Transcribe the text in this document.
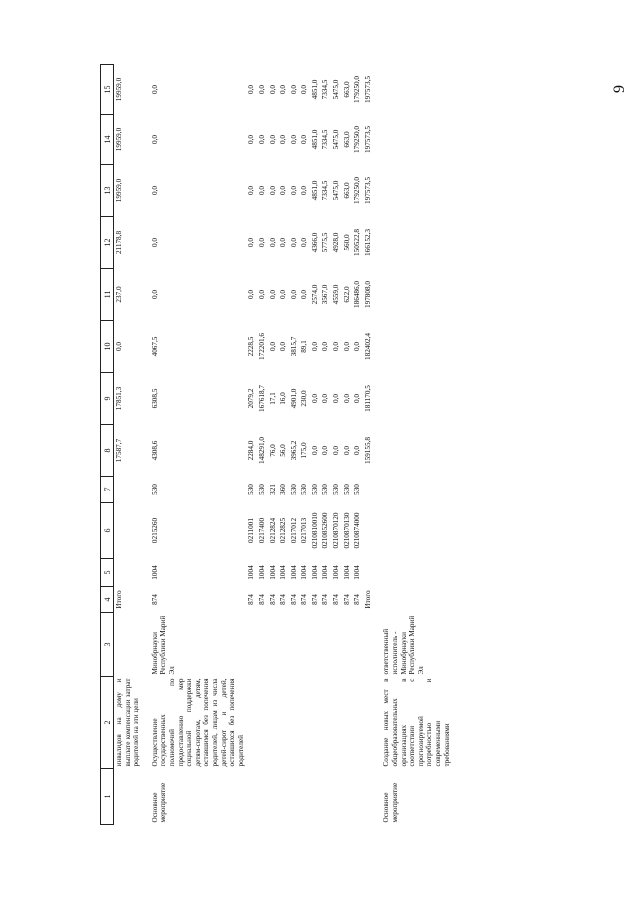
9
1	2	3	4	5	6	7	8	9	10	11	12	13	14	15
	инвалидов на дому и выплате компенсации затрат родителей на эти цели		Итого				17587,7	17851,3	0,0	237,0	21178,8	19959,0	19959,0	19959,0

Основное мероприятие	Осуществление государственных полномочий по предоставлению мер социальной поддержки детям-сиротам, детям, оставшимся без попечения родителей, лицам из числа детей-сирот и детей, оставшихся без попечения родителей	Минобрнауки Республики Марий Эл	874	1004	0215260	530	4308,6	6308,5	4067,5	0,0	0,0	0,0	0,0	0,0
			874	1004	0211001	530	2284,0	2079,2	2228,5	0,0	0,0	0,0	0,0	0,0
			874	1004	0217400	530	148291,0	167618,7	172201,6	0,0	0,0	0,0	0,0	0,0
			874	1004	0212824	321	76,0	17,1	0,0	0,0	0,0	0,0	0,0	0,0
			874	1004	0212825	360	56,0	16,0	0,0	0,0	0,0	0,0	0,0	0,0
			874	1004	0217012	530	3965,2	4901,0	3815,7	0,0	0,0	0,0	0,0	0,0
			874	1004	0217013	530	175,0	230,0	89,1	0,0	0,0	0,0	0,0	0,0
			874	1004	0210810010	530	0,0	0,0	0,0	2574,0	4366,0	4851,0	4851,0	4851,0
			874	1004	0210852600	530	0,0	0,0	0,0	3567,0	5775,5	7334,5	7334,5	7334,5
			874	1004	0210870120	530	0,0	0,0	0,0	4559,0	4928,0	5475,0	5475,0	5475,0
			874	1004	0210870130	530	0,0	0,0	0,0	622,0	560,0	663,0	663,0	663,0
			874	1004	0210874000	530	0,0	0,0	0,0	186486,0	150522,8	179250,0	179250,0	179250,0
			Итого				159155,8	181170,5	182402,4	197808,0	166152,3	197573,5	197573,5	197573,5

Основное мероприятие	Создание новых мест в общеобразовательных организациях в соответствии с прогнозируемой потребностью и современными требованиями	ответственный исполнитель - Минобрнауки Республики Марий Эл												
